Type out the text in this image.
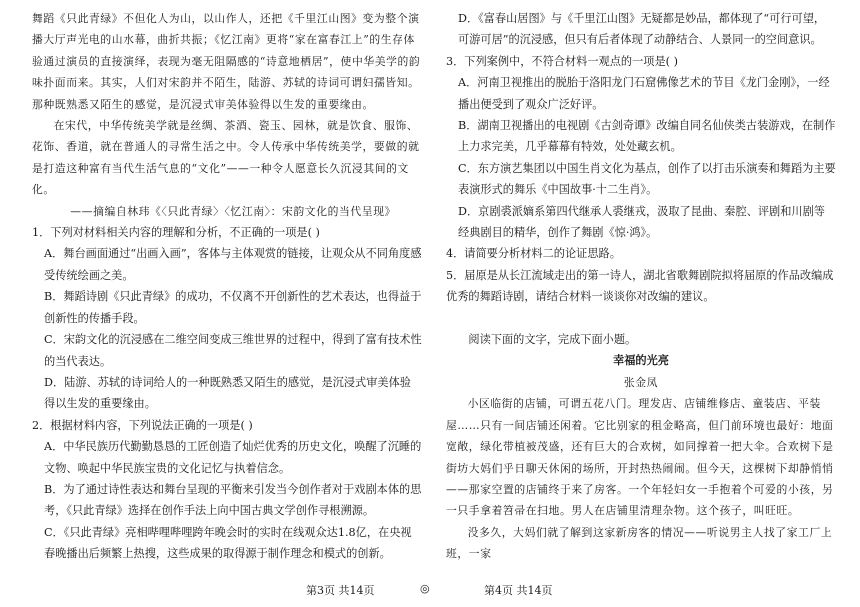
舞蹈《只此青绿》不但化人为山，以山作人，还把《千里江山图》变为整个演播大厅声光电的山水幕，曲折共振；《忆江南》更将“家在富春江上”的生存体验通过演员的直接演绎，表现为毫无阻隔感的“诗意地栖居”，使中华美学的韵味扑面而来。其实，人们对宋韵并不陌生，陆游、苏轼的诗词可谓妇孺皆知。那种既熟悉又陌生的感觉，是沉浸式审美体验得以生发的重要缘由。

在宋代，中华传统美学就是丝绸、茶酒、瓷玉、园林，就是饮食、服饰、花饰、香道，就在普通人的寻常生活之中。令人传承中华传统美学，要做的就是打造这种富有当代生活气息的“文化”——一种令人愿意长久沉浸其间的文化。

——摘编自林玮《〈只此青绿〉〈忆江南〉：宋韵文化的当代呈现》

1．下列对材料相关内容的理解和分析，不正确的一项是( )

A．舞台画面通过“出画入画”，客体与主体观赏的链接，让观众从不同角度感受传统绘画之美。

B．舞蹈诗剧《只此青绿》的成功，不仅离不开创新性的艺术表达，也得益于创新性的传播手段。

C．宋韵文化的沉浸感在二维空间变成三维世界的过程中，得到了富有技术性的当代表达。

D．陆游、苏轼的诗词给人的一种既熟悉又陌生的感觉，是沉浸式审美体验得以生发的重要缘由。

2．根据材料内容，下列说法正确的一项是( )

A．中华民族历代勤勤恳恳的工匠创造了灿烂优秀的历史文化，唤醒了沉睡的文物、唤起中华民族宝贵的文化记忆与执着信念。

B．为了通过诗性表达和舞台呈现的平衡来引发当今创作者对于戏剧本体的思考，《只此青绿》选择在创作手法上向中国古典文学创作寻根溯源。

C．《只此青绿》亮相哔哩哔哩跨年晚会时的实时在线观众达1.8亿，在央视春晚播出后频繁上热搜，这些成果的取得源于制作理念和模式的创新。

D．《富春山居图》与《千里江山图》无疑都是妙品，都体现了“可行可望，可游可居”的沉浸感，但只有后者体现了动静结合、人景同一的空间意识。

3．下列案例中，不符合材料一观点的一项是( )

A．河南卫视推出的脱胎于洛阳龙门石窟佛像艺术的节目《龙门金刚》，一经播出便受到了观众广泛好评。

B．湖南卫视播出的电视剧《古剑奇谭》改编自同名仙侠类古装游戏，在制作上力求完美，几乎幕幕有特效，处处藏玄机。

C．东方演艺集团以中国生肖文化为基点，创作了以打击乐演奏和舞蹈为主要表演形式的舞乐《中国故事·十二生肖》。

D．京剧裘派嫡系第四代继承人裘继戎，汲取了昆曲、秦腔、评剧和川剧等经典剧目的精华，创作了舞剧《惊·鸿》。

4．请简要分析材料二的论证思路。

5．届原是从长江流域走出的第一诗人，湖北省歌舞剧院拟将届原的作品改编成优秀的舞蹈诗剧，请结合材料一谈谈你对改编的建议。

阅读下面的文字，完成下面小题。

幸福的光亮

张金凤

小区临街的店铺，可谓五花八门。理发店、店铺维修店、童装店、平装屋……只有一间店铺还闲着。它比别家的租金略高，但门前环境也最好：地面宽敞，绿化带植被茂盛，还有巨大的合欢树，如同撑着一把大伞。合欢树下是街坊大妈们乎日聊天休闲的场所，开封热热闹闹。但今天，这棵树下却静悄悄——那家空置的店铺终于来了房客。一个年轻妇女一手抱着个可爱的小孩，另一只手拿着笤帚在扫地。男人在店铺里清理杂物。这个孩子，叫旺旺。

没多久，大妈们就了解到这家新房客的情况——听说男主人找了家工厂上班，一家

第3页 共14页	◎	第4页 共14页
